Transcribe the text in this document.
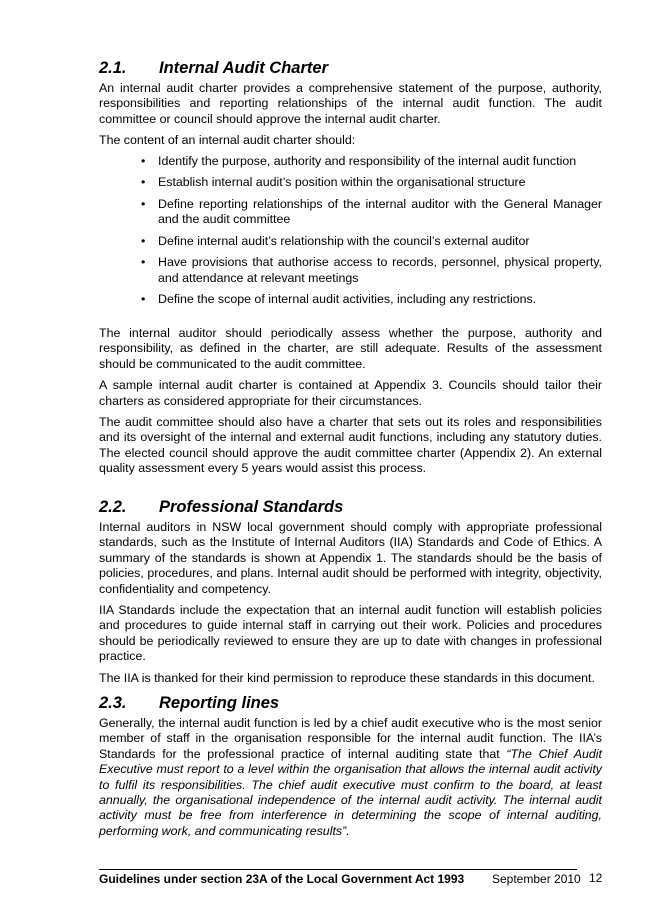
2.1.	Internal Audit Charter

An internal audit charter provides a comprehensive statement of the purpose, authority, responsibilities and reporting relationships of the internal audit function. The audit committee or council should approve the internal audit charter.

The content of an internal audit charter should:

• Identify the purpose, authority and responsibility of the internal audit function
• Establish internal audit’s position within the organisational structure
• Define reporting relationships of the internal auditor with the General Manager and the audit committee
• Define internal audit’s relationship with the council’s external auditor
• Have provisions that authorise access to records, personnel, physical property, and attendance at relevant meetings
• Define the scope of internal audit activities, including any restrictions.

The internal auditor should periodically assess whether the purpose, authority and responsibility, as defined in the charter, are still adequate. Results of the assessment should be communicated to the audit committee.

A sample internal audit charter is contained at Appendix 3. Councils should tailor their charters as considered appropriate for their circumstances.

The audit committee should also have a charter that sets out its roles and responsibilities and its oversight of the internal and external audit functions, including any statutory duties. The elected council should approve the audit committee charter (Appendix 2). An external quality assessment every 5 years would assist this process.

2.2.	Professional Standards

Internal auditors in NSW local government should comply with appropriate professional standards, such as the Institute of Internal Auditors (IIA) Standards and Code of Ethics. A summary of the standards is shown at Appendix 1. The standards should be the basis of policies, procedures, and plans. Internal audit should be performed with integrity, objectivity, confidentiality and competency.

IIA Standards include the expectation that an internal audit function will establish policies and procedures to guide internal staff in carrying out their work. Policies and procedures should be periodically reviewed to ensure they are up to date with changes in professional practice.

The IIA is thanked for their kind permission to reproduce these standards in this document.

2.3.	Reporting lines

Generally, the internal audit function is led by a chief audit executive who is the most senior member of staff in the organisation responsible for the internal audit function. The IIA’s Standards for the professional practice of internal auditing state that “The Chief Audit Executive must report to a level within the organisation that allows the internal audit activity to fulfil its responsibilities. The chief audit executive must confirm to the board, at least annually, the organisational independence of the internal audit activity. The internal audit activity must be free from interference in determining the scope of internal auditing, performing work, and communicating results”.

Guidelines under section 23A of the Local Government Act 1993 September 2010 12
